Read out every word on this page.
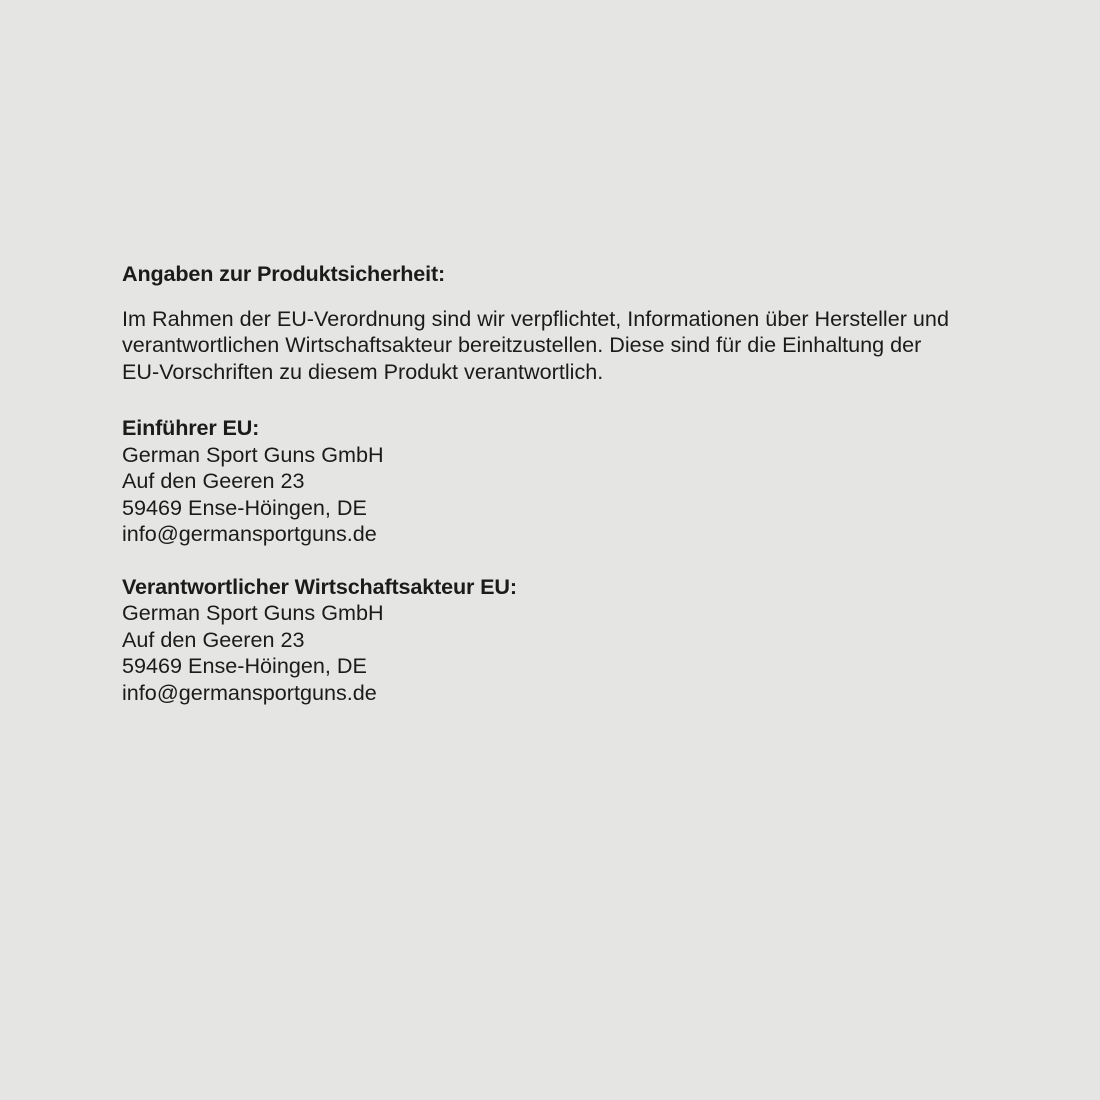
Angaben zur Produktsicherheit:
Im Rahmen der EU-Verordnung sind wir verpflichtet, Informationen über Hersteller und
verantwortlichen Wirtschaftsakteur bereitzustellen. Diese sind für die Einhaltung der
EU-Vorschriften zu diesem Produkt verantwortlich.
Einführer EU:
German Sport Guns GmbH
Auf den Geeren 23
59469 Ense-Höingen, DE
info@germansportguns.de
Verantwortlicher Wirtschaftsakteur EU:
German Sport Guns GmbH
Auf den Geeren 23
59469 Ense-Höingen, DE
info@germansportguns.de
